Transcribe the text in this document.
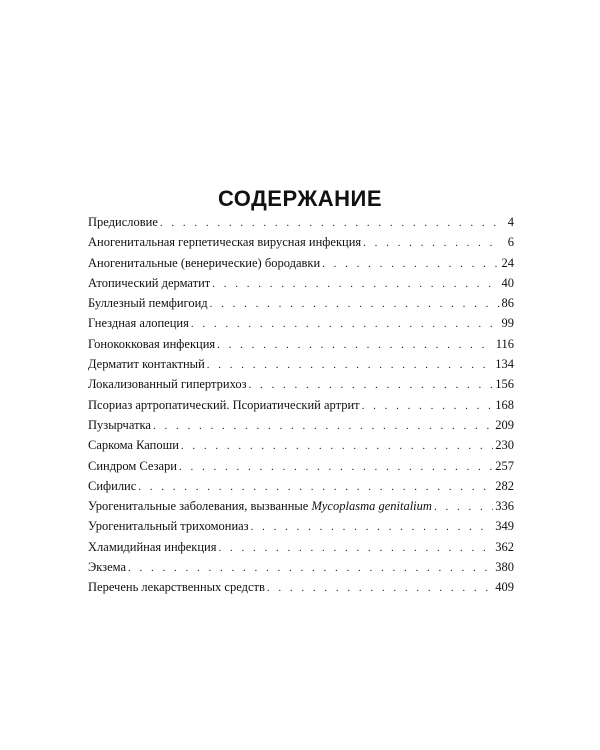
СОДЕРЖАНИЕ
Предисловие . . .	4
Аногенитальная герпетическая вирусная инфекция . . .	6
Аногенитальные (венерические) бородавки . . .	24
Атопический дерматит . . .	40
Буллезный пемфигоид . . .	86
Гнездная алопеция . . .	99
Гонококковая инфекция . . .	116
Дерматит контактный . . .	134
Локализованный гипертрихоз . . .	156
Псориаз артропатический. Псориатический артрит . . .	168
Пузырчатка . . .	209
Саркома Капоши . . .	230
Синдром Сезари . . .	257
Сифилис . . .	282
Урогенитальные заболевания, вызванные Mycoplasma genitalium . . .	336
Урогенитальный трихомониаз . . .	349
Хламидийная инфекция . . .	362
Экзема . . .	380
Перечень лекарственных средств . . .	409
